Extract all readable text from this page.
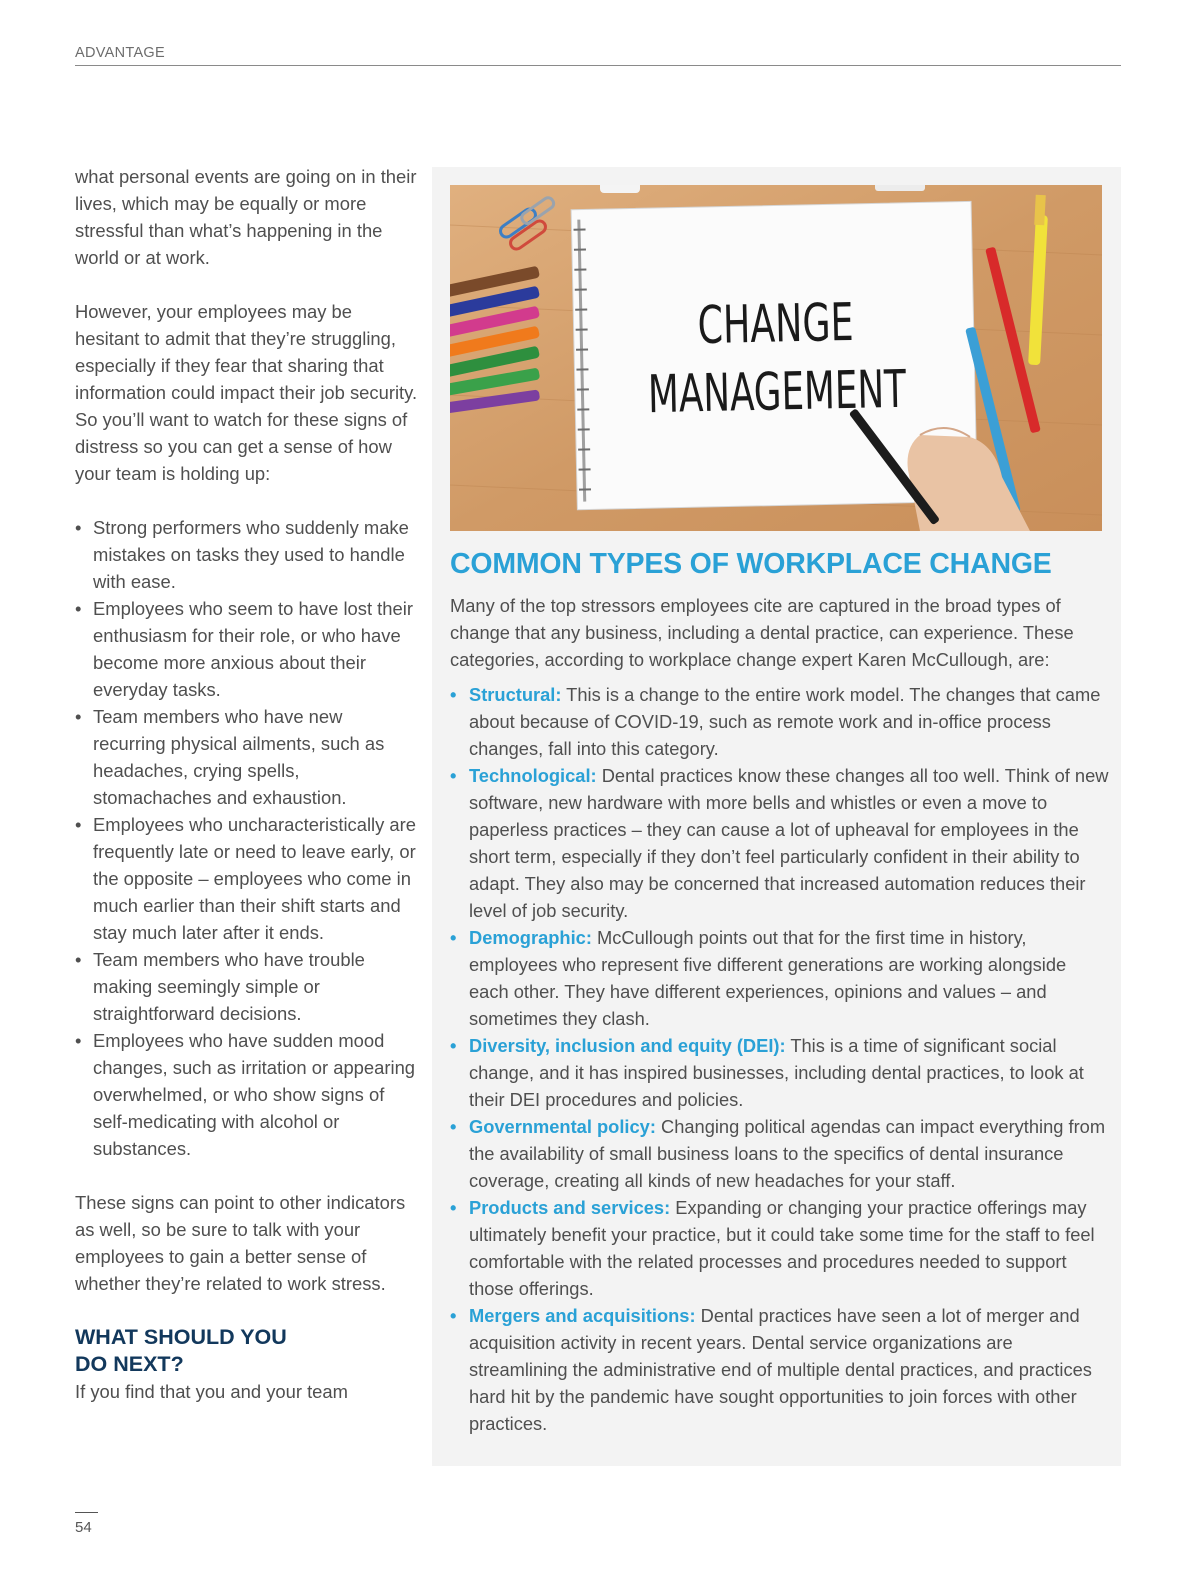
ADVANTAGE

what personal events are going on in their lives, which may be equally or more stressful than what’s happening in the world or at work.

However, your employees may be hesitant to admit that they’re struggling, especially if they fear that sharing that information could impact their job security. So you’ll want to watch for these signs of distress so you can get a sense of how your team is holding up:

• Strong performers who suddenly make mistakes on tasks they used to handle with ease.
• Employees who seem to have lost their enthusiasm for their role, or who have become more anxious about their everyday tasks.
• Team members who have new recurring physical ailments, such as headaches, crying spells, stomachaches and exhaustion.
• Employees who uncharacteristically are frequently late or need to leave early, or the opposite – employees who come in much earlier than their shift starts and stay much later after it ends.
• Team members who have trouble making seemingly simple or straightforward decisions.
• Employees who have sudden mood changes, such as irritation or appearing overwhelmed, or who show signs of self-medicating with alcohol or substances.

These signs can point to other indicators as well, so be sure to talk with your employees to gain a better sense of whether they’re related to work stress.

WHAT SHOULD YOU
DO NEXT?

If you find that you and your team

CHANGE
MANAGEMENT
COMMON TYPES OF WORKPLACE CHANGE

Many of the top stressors employees cite are captured in the broad types of change that any business, including a dental practice, can experience. These categories, according to workplace change expert Karen McCullough, are:

• Structural: This is a change to the entire work model. The changes that came about because of COVID-19, such as remote work and in-office process changes, fall into this category.
• Technological: Dental practices know these changes all too well. Think of new software, new hardware with more bells and whistles or even a move to paperless practices – they can cause a lot of upheaval for employees in the short term, especially if they don’t feel particularly confident in their ability to adapt. They also may be concerned that increased automation reduces their level of job security.
• Demographic: McCullough points out that for the first time in history, employees who represent five different generations are working alongside each other. They have different experiences, opinions and values – and sometimes they clash.
• Diversity, inclusion and equity (DEI): This is a time of significant social change, and it has inspired businesses, including dental practices, to look at their DEI procedures and policies.
• Governmental policy: Changing political agendas can impact everything from the availability of small business loans to the specifics of dental insurance coverage, creating all kinds of new headaches for your staff.
• Products and services: Expanding or changing your practice offerings may ultimately benefit your practice, but it could take some time for the staff to feel comfortable with the related processes and procedures needed to support those offerings.
• Mergers and acquisitions: Dental practices have seen a lot of merger and acquisition activity in recent years. Dental service organizations are streamlining the administrative end of multiple dental practices, and practices hard hit by the pandemic have sought opportunities to join forces with other practices.
54
